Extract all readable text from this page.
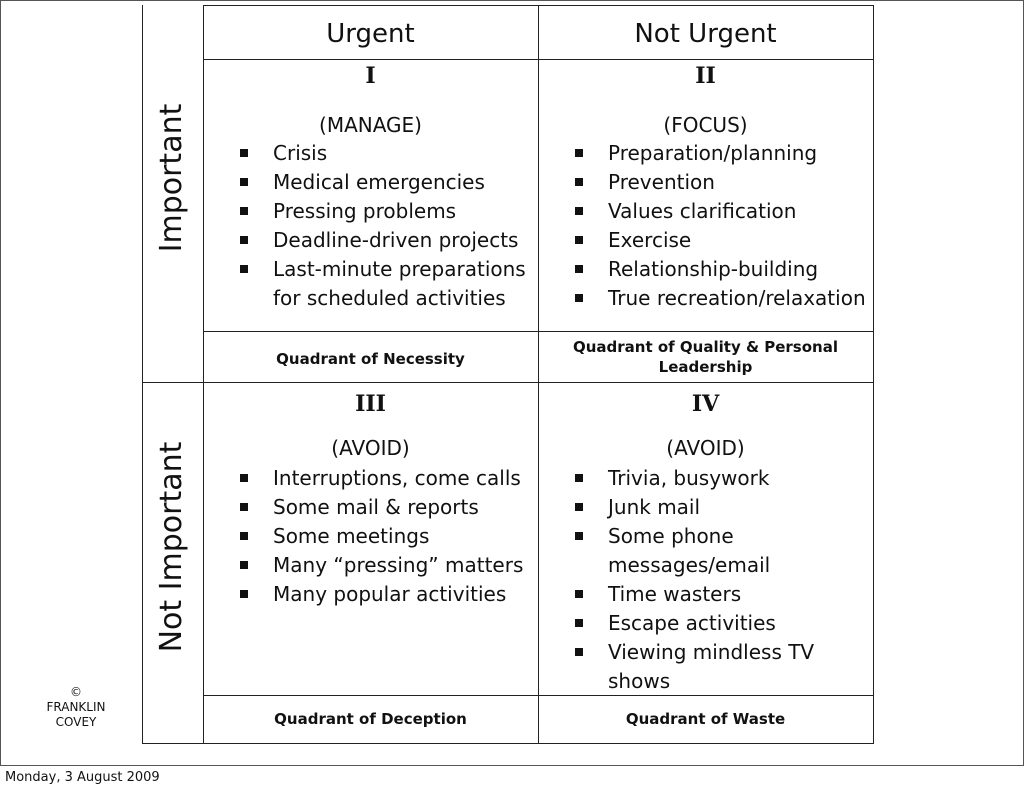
Urgent	Not Urgent
Important
Not Important
I
(MANAGE)
Crisis
Medical emergencies
Pressing problems
Deadline-driven projects
Last-minute preparations for scheduled activities
Quadrant of Necessity
II
(FOCUS)
Preparation/planning
Prevention
Values clarification
Exercise
Relationship-building
True recreation/relaxation
Quadrant of Quality & Personal Leadership
III
(AVOID)
Interruptions, come calls
Some mail & reports
Some meetings
Many “pressing” matters
Many popular activities
Quadrant of Deception
IV
(AVOID)
Trivia, busywork
Junk mail
Some phone messages/email
Time wasters
Escape activities
Viewing mindless TV shows
Quadrant of Waste
© FRANKLIN COVEY
Monday, 3 August 2009
